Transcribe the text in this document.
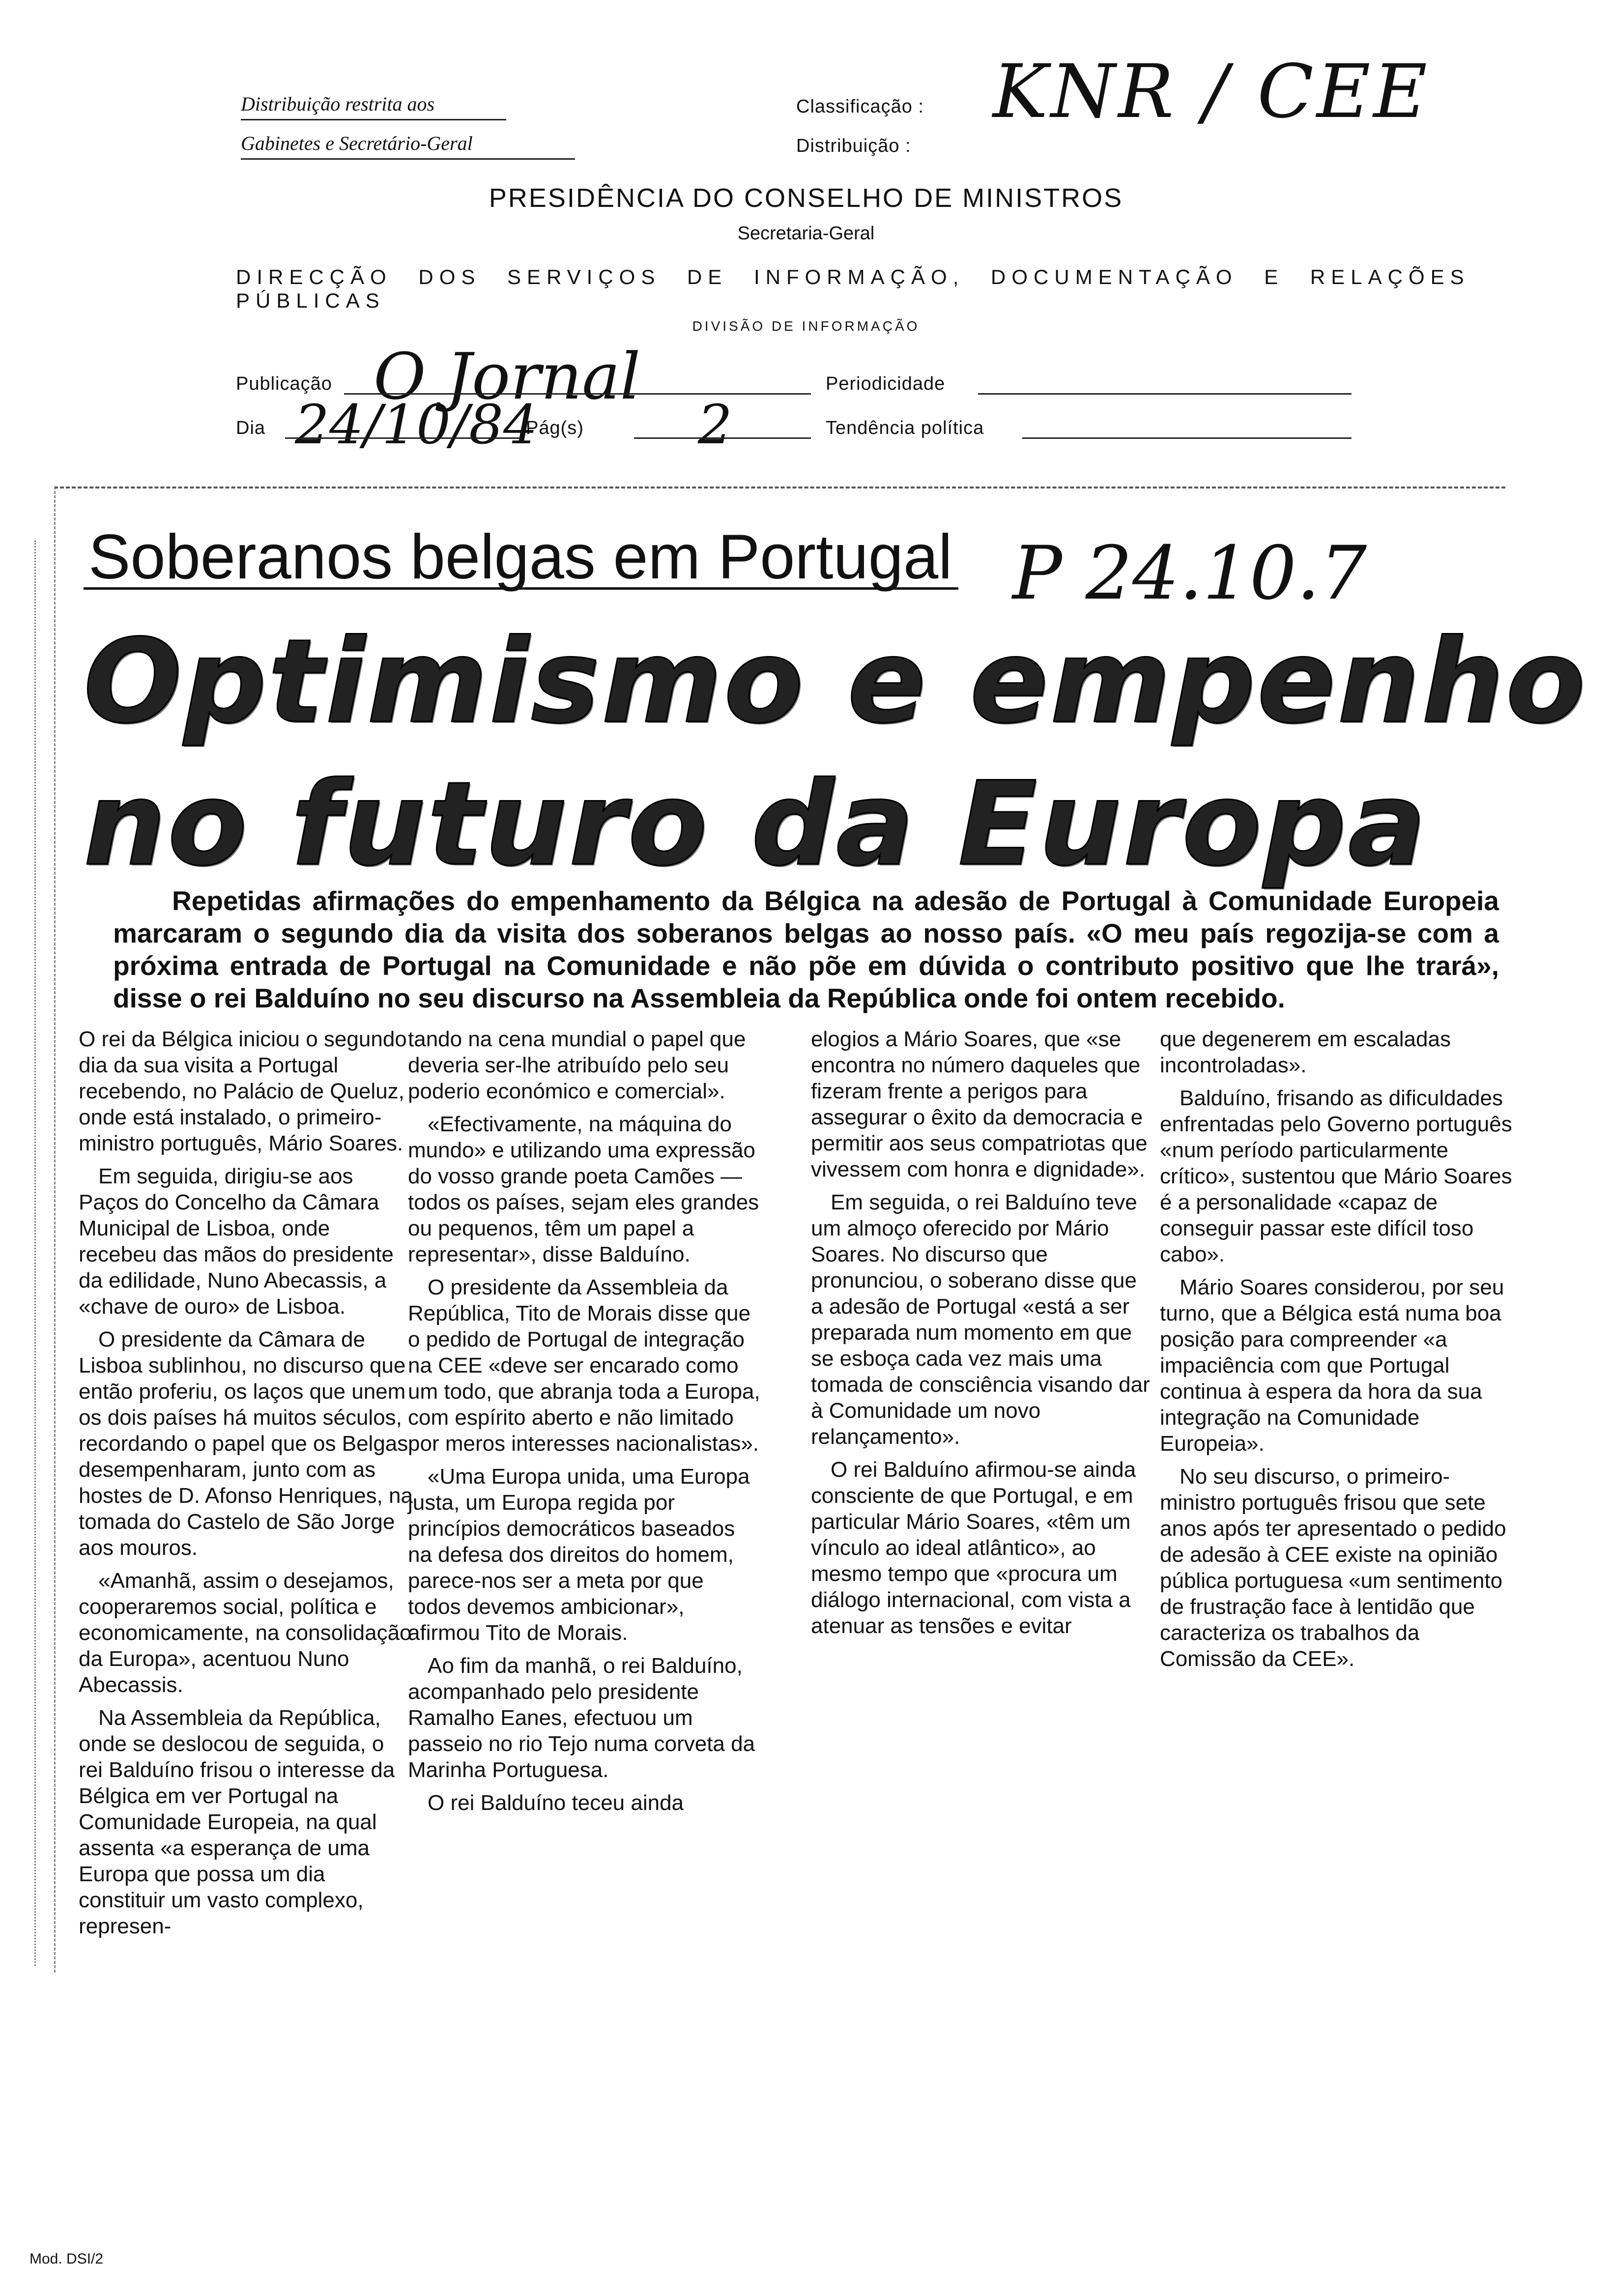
Distribuição restrita aos
Gabinetes e Secretário-Geral
Classificação :
Distribuição :
KNR / CEE
PRESIDÊNCIA DO CONSELHO DE MINISTROS
Secretaria-Geral
DIRECÇÃO DOS SERVIÇOS DE INFORMAÇÃO, DOCUMENTAÇÃO E RELAÇÕES PÚBLICAS
DIVISÃO DE INFORMAÇÃO
Publicação O Jornal	Periodicidade
Dia 24/10/84
Pág(s) 2	Tendência política
Soberanos belgas em Portugal P 24.10.7
Optimismo e empenho
no futuro da Europa
Repetidas afirmações do empenhamento da Bélgica na adesão de Portugal à Comunidade Europeia marcaram o segundo dia da visita dos soberanos belgas ao nosso país. «O meu país regozija-se com a próxima entrada de Portugal na Comunidade e não põe em dúvida o contributo positivo que lhe trará», disse o rei Balduíno no seu discurso na Assembleia da República onde foi ontem recebido.

O rei da Bélgica iniciou o segundo dia da sua visita a Portugal recebendo, no Palácio de Queluz, onde está instalado, o primeiro-ministro português, Mário Soares.

Em seguida, dirigiu-se aos Paços do Concelho da Câmara Municipal de Lisboa, onde recebeu das mãos do presidente da edilidade, Nuno Abecassis, a «chave de ouro» de Lisboa.

O presidente da Câmara de Lisboa sublinhou, no discurso que então proferiu, os laços que unem os dois países há muitos séculos, recordando o papel que os Belgas desempenharam, junto com as hostes de D. Afonso Henriques, na tomada do Castelo de São Jorge aos mouros.

«Amanhã, assim o desejamos, cooperaremos social, política e economicamente, na consolidação da Europa», acentuou Nuno Abecassis.

Na Assembleia da República, onde se deslocou de seguida, o rei Balduíno frisou o interesse da Bélgica em ver Portugal na Comunidade Europeia, na qual assenta «a esperança de uma Europa que possa um dia constituir um vasto complexo, represen-

tando na cena mundial o papel que deveria ser-lhe atribuído pelo seu poderio económico e comercial».

«Efectivamente, na máquina do mundo» e utilizando uma expressão do vosso grande poeta Camões — todos os países, sejam eles grandes ou pequenos, têm um papel a representar», disse Balduíno.

O presidente da Assembleia da República, Tito de Morais disse que o pedido de Portugal de integração na CEE «deve ser encarado como um todo, que abranja toda a Europa, com espírito aberto e não limitado por meros interesses nacionalistas».

«Uma Europa unida, uma Europa justa, um Europa regida por princípios democráticos baseados na defesa dos direitos do homem, parece-nos ser a meta por que todos devemos ambicionar», afirmou Tito de Morais.

Ao fim da manhã, o rei Balduíno, acompanhado pelo presidente Ramalho Eanes, efectuou um passeio no rio Tejo numa corveta da Marinha Portuguesa.

O rei Balduíno teceu ainda

elogios a Mário Soares, que «se encontra no número daqueles que fizeram frente a perigos para assegurar o êxito da democracia e permitir aos seus compatriotas que vivessem com honra e dignidade».

Em seguida, o rei Balduíno teve um almoço oferecido por Mário Soares. No discurso que pronunciou, o soberano disse que a adesão de Portugal «está a ser preparada num momento em que se esboça cada vez mais uma tomada de consciência visando dar à Comunidade um novo relançamento».

O rei Balduíno afirmou-se ainda consciente de que Portugal, e em particular Mário Soares, «têm um vínculo ao ideal atlântico», ao mesmo tempo que «procura um diálogo internacional, com vista a atenuar as tensões e evitar

que degenerem em escaladas incontroladas».

Balduíno, frisando as dificuldades enfrentadas pelo Governo português «num período particularmente crítico», sustentou que Mário Soares é a personalidade «capaz de conseguir passar este difícil toso cabo».

Mário Soares considerou, por seu turno, que a Bélgica está numa boa posição para compreender «a impaciência com que Portugal continua à espera da hora da sua integração na Comunidade Europeia».

No seu discurso, o primeiro-ministro português frisou que sete anos após ter apresentado o pedido de adesão à CEE existe na opinião pública portuguesa «um sentimento de frustração face à lentidão que caracteriza os trabalhos da Comissão da CEE».

Mod. DSI/2
